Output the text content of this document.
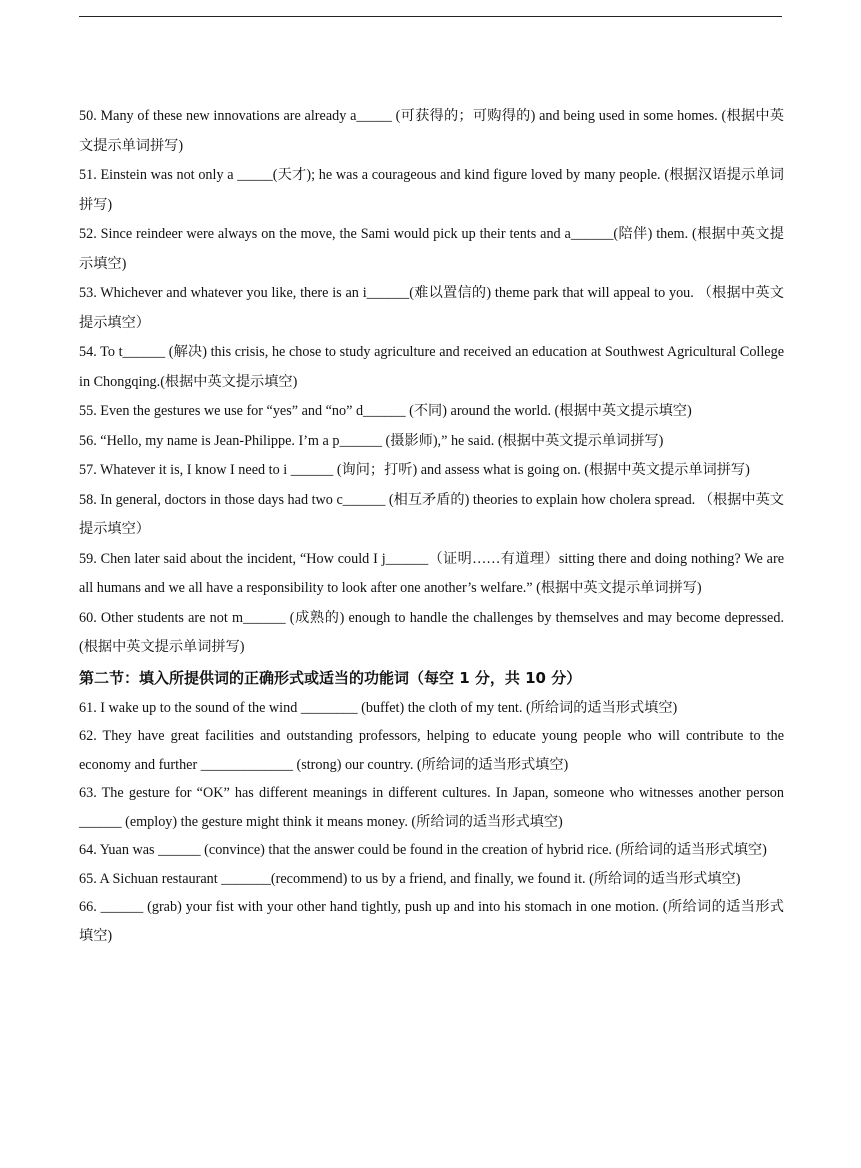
50. Many of these new innovations are already a_____ (可获得的；可购得的) and being used in some homes. (根据中英文提示单词拼写)

51. Einstein was not only a _____(天才); he was a courageous and kind figure loved by many people. (根据汉语提示单词拼写)

52. Since reindeer were always on the move, the Sami would pick up their tents and a______(陪伴) them. (根据中英文提示填空)

53. Whichever and whatever you like, there is an i______(难以置信的) theme park that will appeal to you. （根据中英文提示填空）

54. To t______ (解决) this crisis, he chose to study agriculture and received an education at Southwest Agricultural College in Chongqing.(根据中英文提示填空)

55. Even the gestures we use for “yes” and “no” d______ (不同) around the world. (根据中英文提示填空)

56. “Hello, my name is Jean-Philippe. I’m a p______ (摄影师),” he said. (根据中英文提示单词拼写)

57. Whatever it is, I know I need to i ______ (询问；打听) and assess what is going on. (根据中英文提示单词拼写)

58. In general, doctors in those days had two c______ (相互矛盾的) theories to explain how cholera spread. （根据中英文提示填空）

59. Chen later said about the incident, “How could I j______（证明……有道理）sitting there and doing nothing? We are all humans and we all have a responsibility to look after one another’s welfare.” (根据中英文提示单词拼写)

60. Other students are not m______ (成熟的) enough to handle the challenges by themselves and may become depressed. (根据中英文提示单词拼写)

第二节：填入所提供词的正确形式或适当的功能词（每空 1 分，共 10 分）

61. I wake up to the sound of the wind ________ (buffet) the cloth of my tent. (所给词的适当形式填空)

62. They have great facilities and outstanding professors, helping to educate young people who will contribute to the economy and further _____________ (strong) our country. (所给词的适当形式填空)

63. The gesture for “OK” has different meanings in different cultures. In Japan, someone who witnesses another person ______ (employ) the gesture might think it means money. (所给词的适当形式填空)

64. Yuan was ______ (convince) that the answer could be found in the creation of hybrid rice. (所给词的适当形式填空)

65. A Sichuan restaurant _______(recommend) to us by a friend, and finally, we found it. (所给词的适当形式填空)

66. ______ (grab) your fist with your other hand tightly, push up and into his stomach in one motion. (所给词的适当形式填空)
